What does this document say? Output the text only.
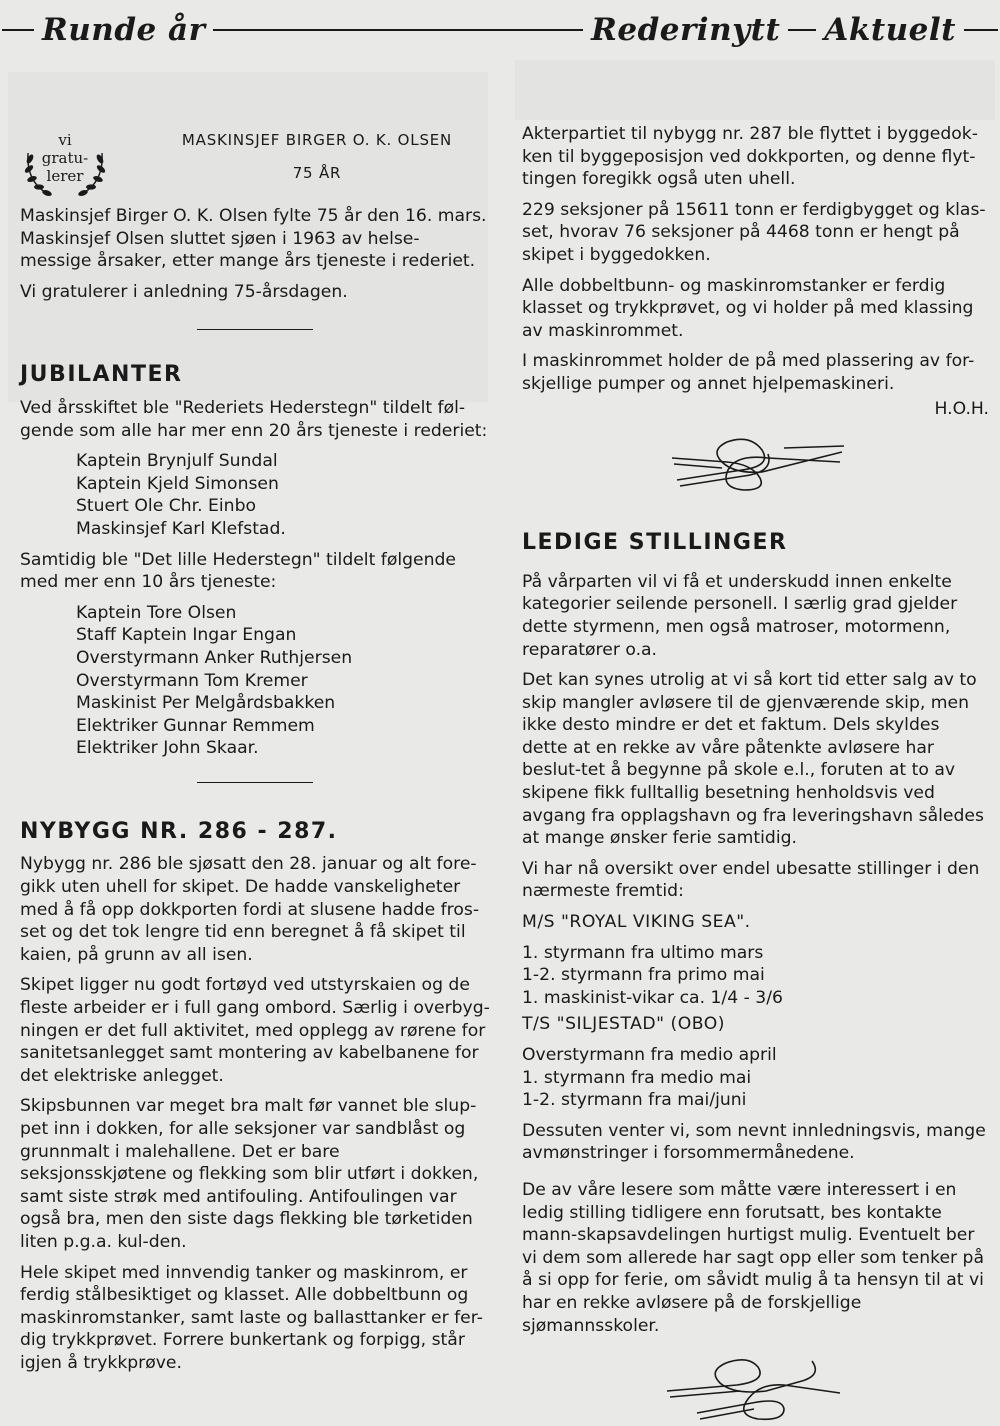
Runde år	Rederinytt Aktuelt
vi
gratu-
lerer
MASKINSJEF BIRGER O. K. OLSEN
75 ÅR

Maskinsjef Birger O. K. Olsen fylte 75 år den 16. mars. Maskinsjef Olsen sluttet sjøen i 1963 av helse-messige årsaker, etter mange års tjeneste i rederiet.

Vi gratulerer i anledning 75-årsdagen.

JUBILANTER

Ved årsskiftet ble "Rederiets Hederstegn" tildelt føl-gende som alle har mer enn 20 års tjeneste i rederiet:

Kaptein Brynjulf Sundal
Kaptein Kjeld Simonsen
Stuert Ole Chr. Einbo
Maskinsjef Karl Klefstad.

Samtidig ble "Det lille Hederstegn" tildelt følgende med mer enn 10 års tjeneste:

Kaptein Tore Olsen
Staff Kaptein Ingar Engan
Overstyrmann Anker Ruthjersen
Overstyrmann Tom Kremer
Maskinist Per Melgårdsbakken
Elektriker Gunnar Remmem
Elektriker John Skaar.
NYBYGG NR. 286 - 287.

Nybygg nr. 286 ble sjøsatt den 28. januar og alt fore-gikk uten uhell for skipet. De hadde vanskeligheter med å få opp dokkporten fordi at slusene hadde fros-set og det tok lengre tid enn beregnet å få skipet til kaien, på grunn av all isen.

Skipet ligger nu godt fortøyd ved utstyrskaien og de fleste arbeider er i full gang ombord. Særlig i overbyg-ningen er det full aktivitet, med opplegg av rørene for sanitetsanlegget samt montering av kabelbanene for det elektriske anlegget.

Skipsbunnen var meget bra malt før vannet ble slup-pet inn i dokken, for alle seksjoner var sandblåst og grunnmalt i malehallene. Det er bare seksjonsskjøtene og flekking som blir utført i dokken, samt siste strøk med antifouling. Antifoulingen var også bra, men den siste dags flekking ble tørketiden liten p.g.a. kul-den.

Hele skipet med innvendig tanker og maskinrom, er ferdig stålbesiktiget og klasset. Alle dobbeltbunn og maskinromstanker, samt laste og ballasttanker er fer-dig trykkprøvet. Forrere bunkertank og forpigg, står igjen å trykkprøve.

Akterpartiet til nybygg nr. 287 ble flyttet i byggedok-ken til byggeposisjon ved dokkporten, og denne flyt-tingen foregikk også uten uhell.

229 seksjoner på 15611 tonn er ferdigbygget og klas-set, hvorav 76 seksjoner på 4468 tonn er hengt på skipet i byggedokken.

Alle dobbeltbunn- og maskinromstanker er ferdig klasset og trykkprøvet, og vi holder på med klassing av maskinrommet.

I maskinrommet holder de på med plassering av for-skjellige pumper og annet hjelpemaskineri.

H.O.H.

LEDIGE STILLINGER

På vårparten vil vi få et underskudd innen enkelte kategorier seilende personell. I særlig grad gjelder dette styrmenn, men også matroser, motormenn, reparatører o.a.

Det kan synes utrolig at vi så kort tid etter salg av to skip mangler avløsere til de gjenværende skip, men ikke desto mindre er det et faktum. Dels skyldes dette at en rekke av våre påtenkte avløsere har beslut-tet å begynne på skole e.l., foruten at to av skipene fikk fulltallig besetning henholdsvis ved avgang fra opplagshavn og fra leveringshavn således at mange ønsker ferie samtidig.

Vi har nå oversikt over endel ubesatte stillinger i den nærmeste fremtid:

M/S "ROYAL VIKING SEA".

1. styrmann fra ultimo mars
1-2. styrmann fra primo mai
1. maskinist-vikar ca. 1/4 - 3/6

T/S "SILJESTAD" (OBO)

Overstyrmann fra medio april
1. styrmann fra medio mai
1-2. styrmann fra mai/juni

Dessuten venter vi, som nevnt innledningsvis, mange avmønstringer i forsommermånedene.

De av våre lesere som måtte være interessert i en ledig stilling tidligere enn forutsatt, bes kontakte mann-skapsavdelingen hurtigst mulig. Eventuelt ber vi dem som allerede har sagt opp eller som tenker på å si opp for ferie, om såvidt mulig å ta hensyn til at vi har en rekke avløsere på de forskjellige sjømannsskoler.
